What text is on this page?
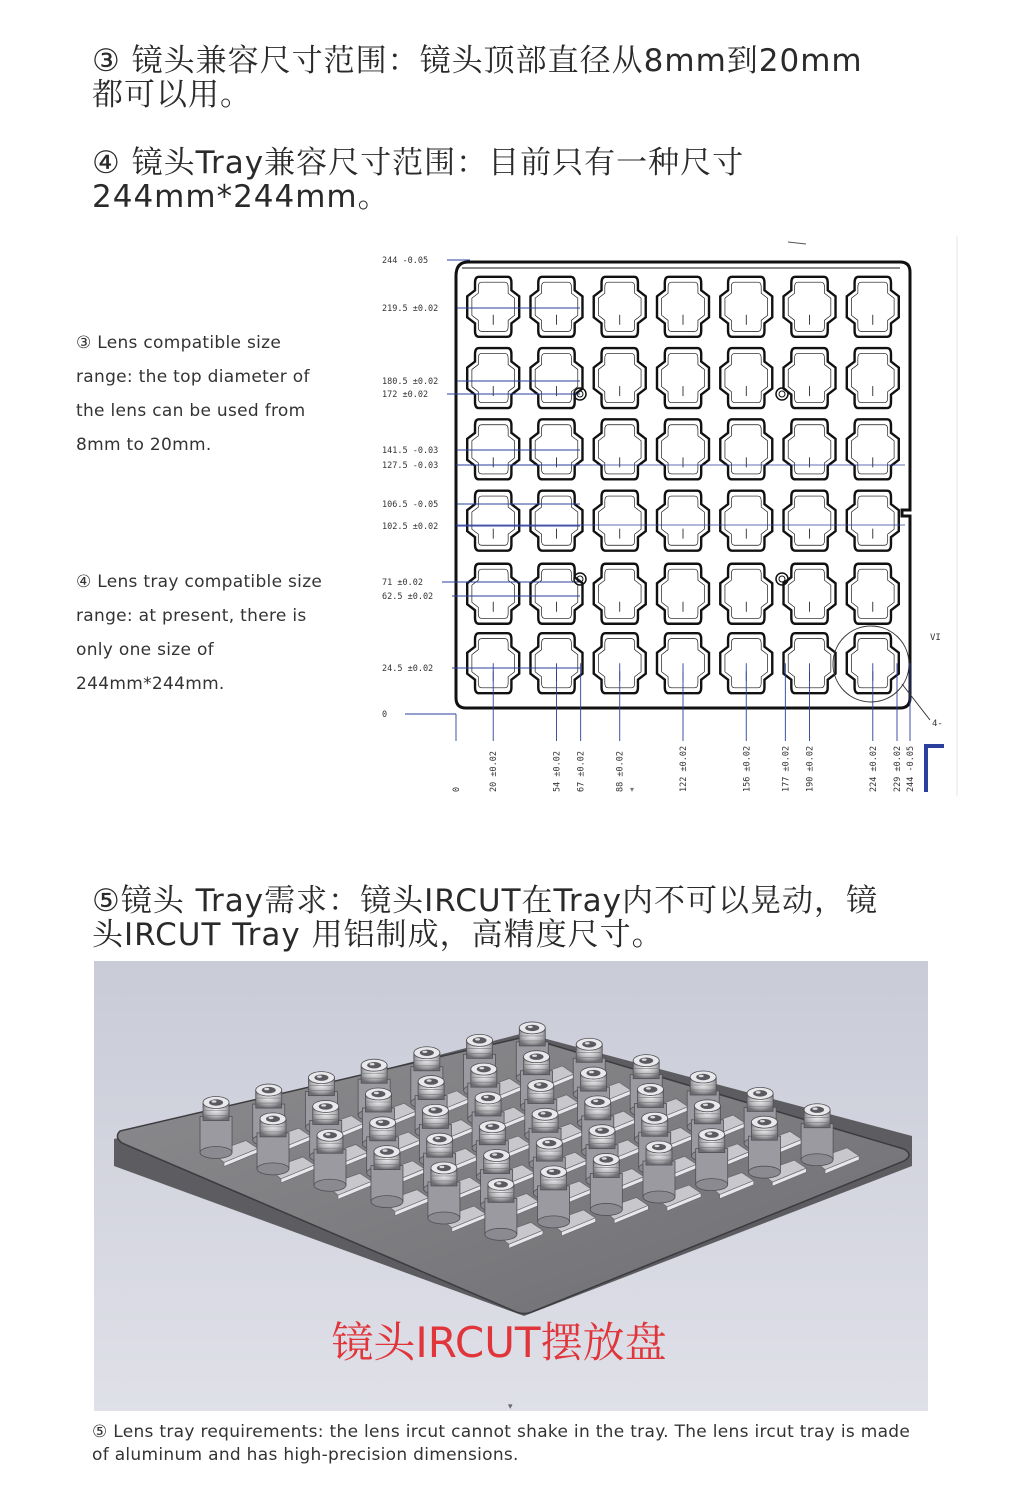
③ 镜头兼容尺寸范围：镜头顶部直径从8mm到20mm
都可以用。
④ 镜头Tray兼容尺寸范围：目前只有一种尺寸
244mm*244mm。
③ Lens compatible size range: the top diameter of the lens can be used from 8mm to 20mm.
④ Lens tray compatible size range: at present, there is only one size of 244mm*244mm.
244 -0.05
219.5 ±0.02
180.5 ±0.02
172 ±0.02
141.5 -0.03
127.5 -0.03
106.5 -0.05
102.5 ±0.02
71 ±0.02
62.5 ±0.02
24.5 ±0.02
0
0	20 ±0.02	54 ±0.02 67 ±0.02	88 ±0.02	122 ±0.02	156 ±0.02	177 ±0.02 190 ±0.02	224 ±0.02 229 ±0.02 244 -0.05
VI
4-
▾
⑤镜头 Tray需求：镜头IRCUT在Tray内不可以晃动，镜
头IRCUT Tray 用铝制成，高精度尺寸。
镜头IRCUT摆放盘
▾
⑤ Lens tray requirements: the lens ircut cannot shake in the tray. The lens ircut tray is made of aluminum and has high-precision dimensions.
